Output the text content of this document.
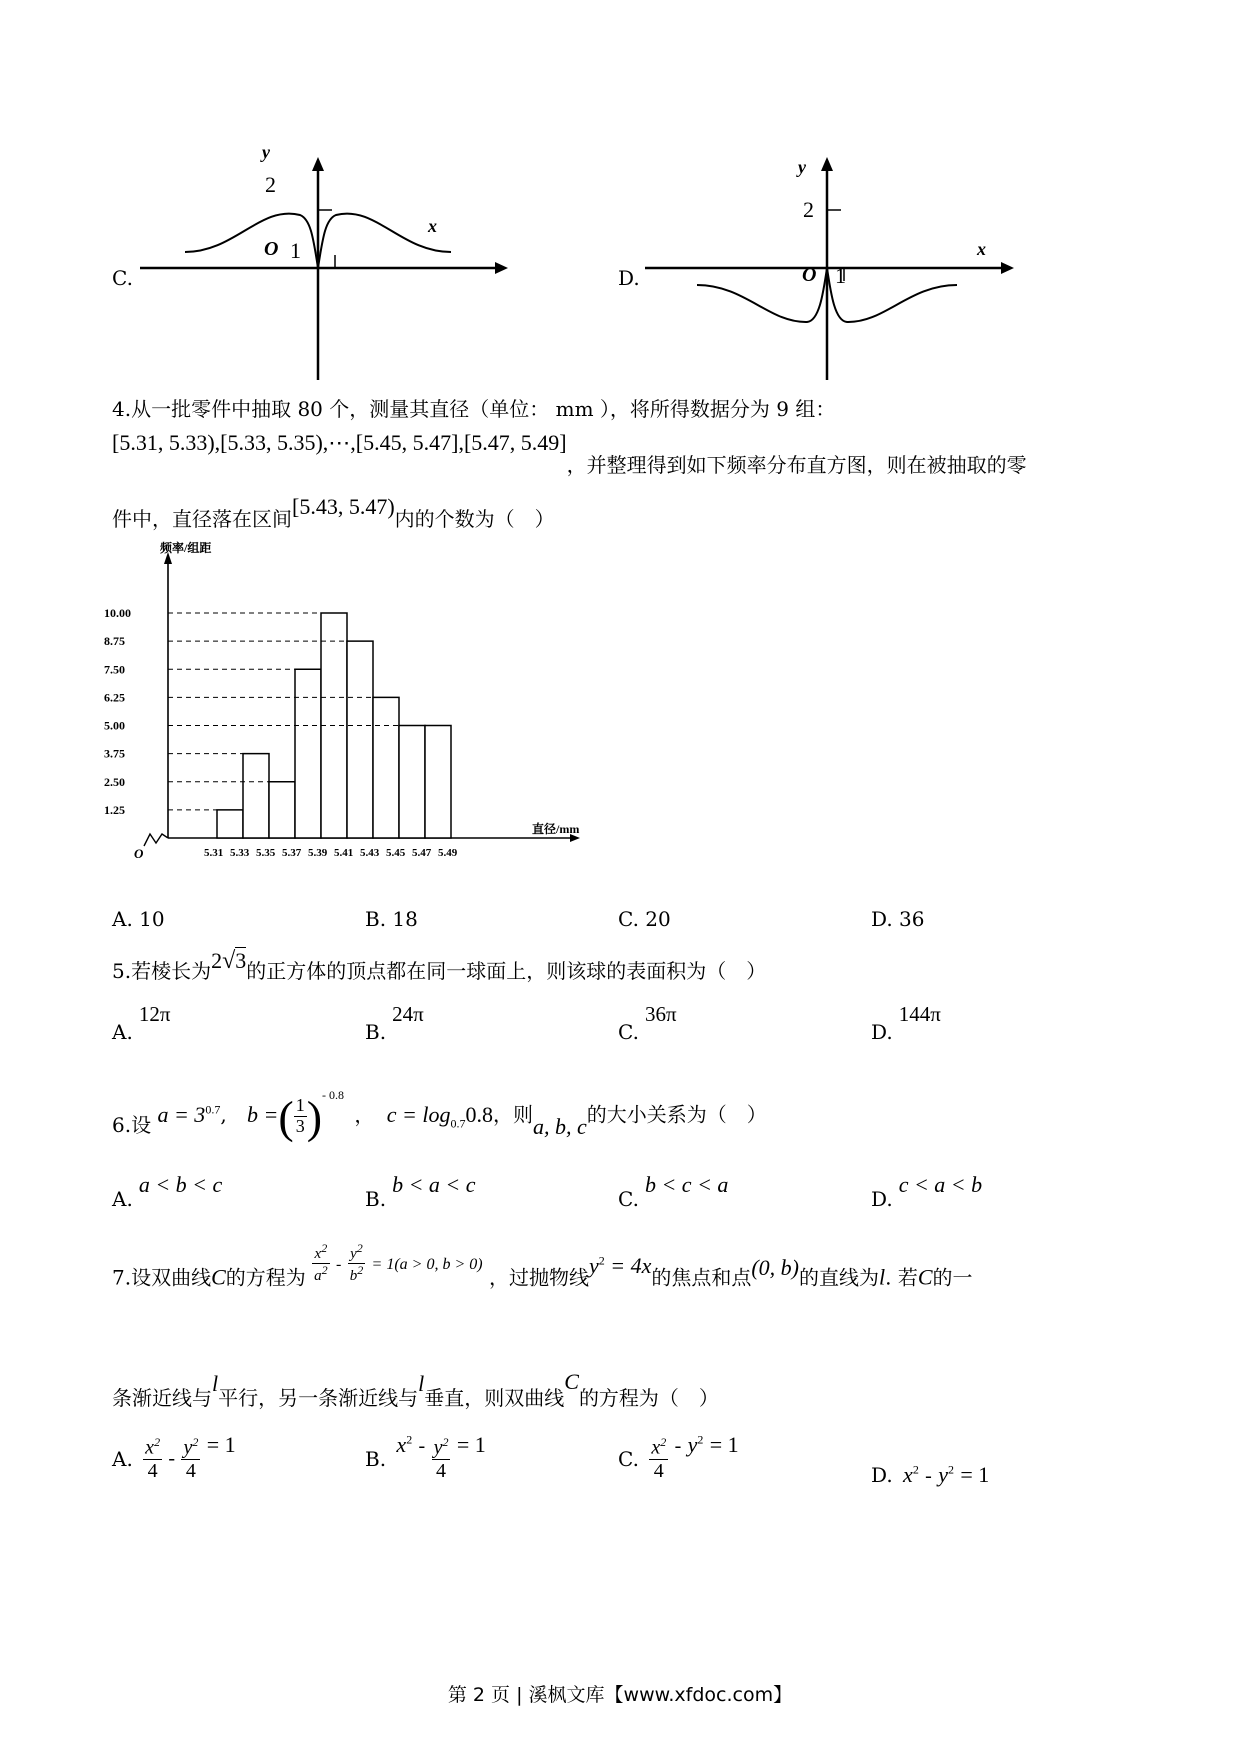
C.
y
x
O
2
1
D.
y
x
O
2
1
4.从一批零件中抽取 80 个，测量其直径（单位： mm ），将所得数据分为 9 组：
[5.31, 5.33),[5.33, 5.35),⋯,[5.45, 5.47],[5.47, 5.49]，并整理得到如下频率分布直方图，则在被抽取的零
件中，直径落在区间[5.43, 5.47)内的个数为（　）
频率/组距
直径/mm
O
10.00
8.75
7.50
6.25
5.00
3.75
2.50
1.25
5.31 5.33 5.35 5.37 5.39 5.41 5.43 5.45 5.47 5.49
A. 10	B. 18	C. 20	D. 36
5.若棱长为2√3的正方体的顶点都在同一球面上，则该球的表面积为（　）
A.12π
B.24π
C.36π
D.144π
6.设 $a = 3^{0.7}$, b =( $\frac{1}{3} )^{- 0.8}$ ， $c = \log_{0.7}0.8$，则a, b, c的大小关系为（　）
A.a < b < c
B.b < a < c
C.b < c < a
D.c < a < b
7.设双曲线C的方程为 $\frac{x^2}{a^2} - \frac{y^2}{b^2} = 1(a > 0$, b > 0) ，过抛物线$y^2 = 4x$的焦点和点(0, b)的直线为l. 若C的一
条渐近线与l平行，另一条渐近线与l垂直，则双曲线C的方程为（　）
A. $\frac{x^2}{4} - \frac{y^2}{4} = 1$
B. $x^2 - \frac{y^2}{4} = 1$
C. $\frac{x^2}{4} - y^2 = 1$
D. $x^2 - y^2 = 1$
第 2 页 | 溪枫文库【www.xfdoc.com】
